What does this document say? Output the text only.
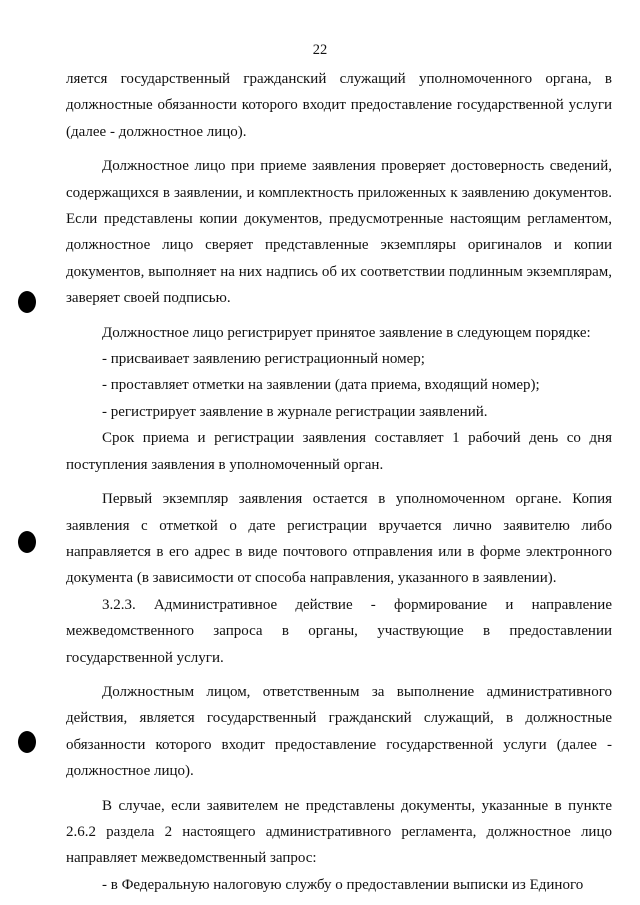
22

ляется государственный гражданский служащий уполномоченного органа, в должностные обязанности которого входит предоставление государственной услуги (далее - должностное лицо).

Должностное лицо при приеме заявления проверяет достоверность сведений, содержащихся в заявлении, и комплектность приложенных к заявлению документов. Если представлены копии документов, предусмотренные настоящим регламентом, должностное лицо сверяет представленные экземпляры оригиналов и копии документов, выполняет на них надпись об их соответствии подлинным экземплярам, заверяет своей подписью.

Должностное лицо регистрирует принятое заявление в следующем порядке:

- присваивает заявлению регистрационный номер;

- проставляет отметки на заявлении (дата приема, входящий номер);

- регистрирует заявление в журнале регистрации заявлений.

Срок приема и регистрации заявления составляет 1 рабочий день со дня поступления заявления в уполномоченный орган.

Первый экземпляр заявления остается в уполномоченном органе. Копия заявления с отметкой о дате регистрации вручается лично заявителю либо направляется в его адрес в виде почтового отправления или в форме электронного документа (в зависимости от способа направления, указанного в заявлении).

3.2.3. Административное действие - формирование и направление межведомственного запроса в органы, участвующие в предоставлении государственной услуги.

Должностным лицом, ответственным за выполнение административного действия, является государственный гражданский служащий, в должностные обязанности которого входит предоставление государственной услуги (далее - должностное лицо).

В случае, если заявителем не представлены документы, указанные в пункте 2.6.2 раздела 2 настоящего административного регламента, должностное лицо направляет межведомственный запрос:

- в Федеральную налоговую службу о предоставлении выписки из Единого
